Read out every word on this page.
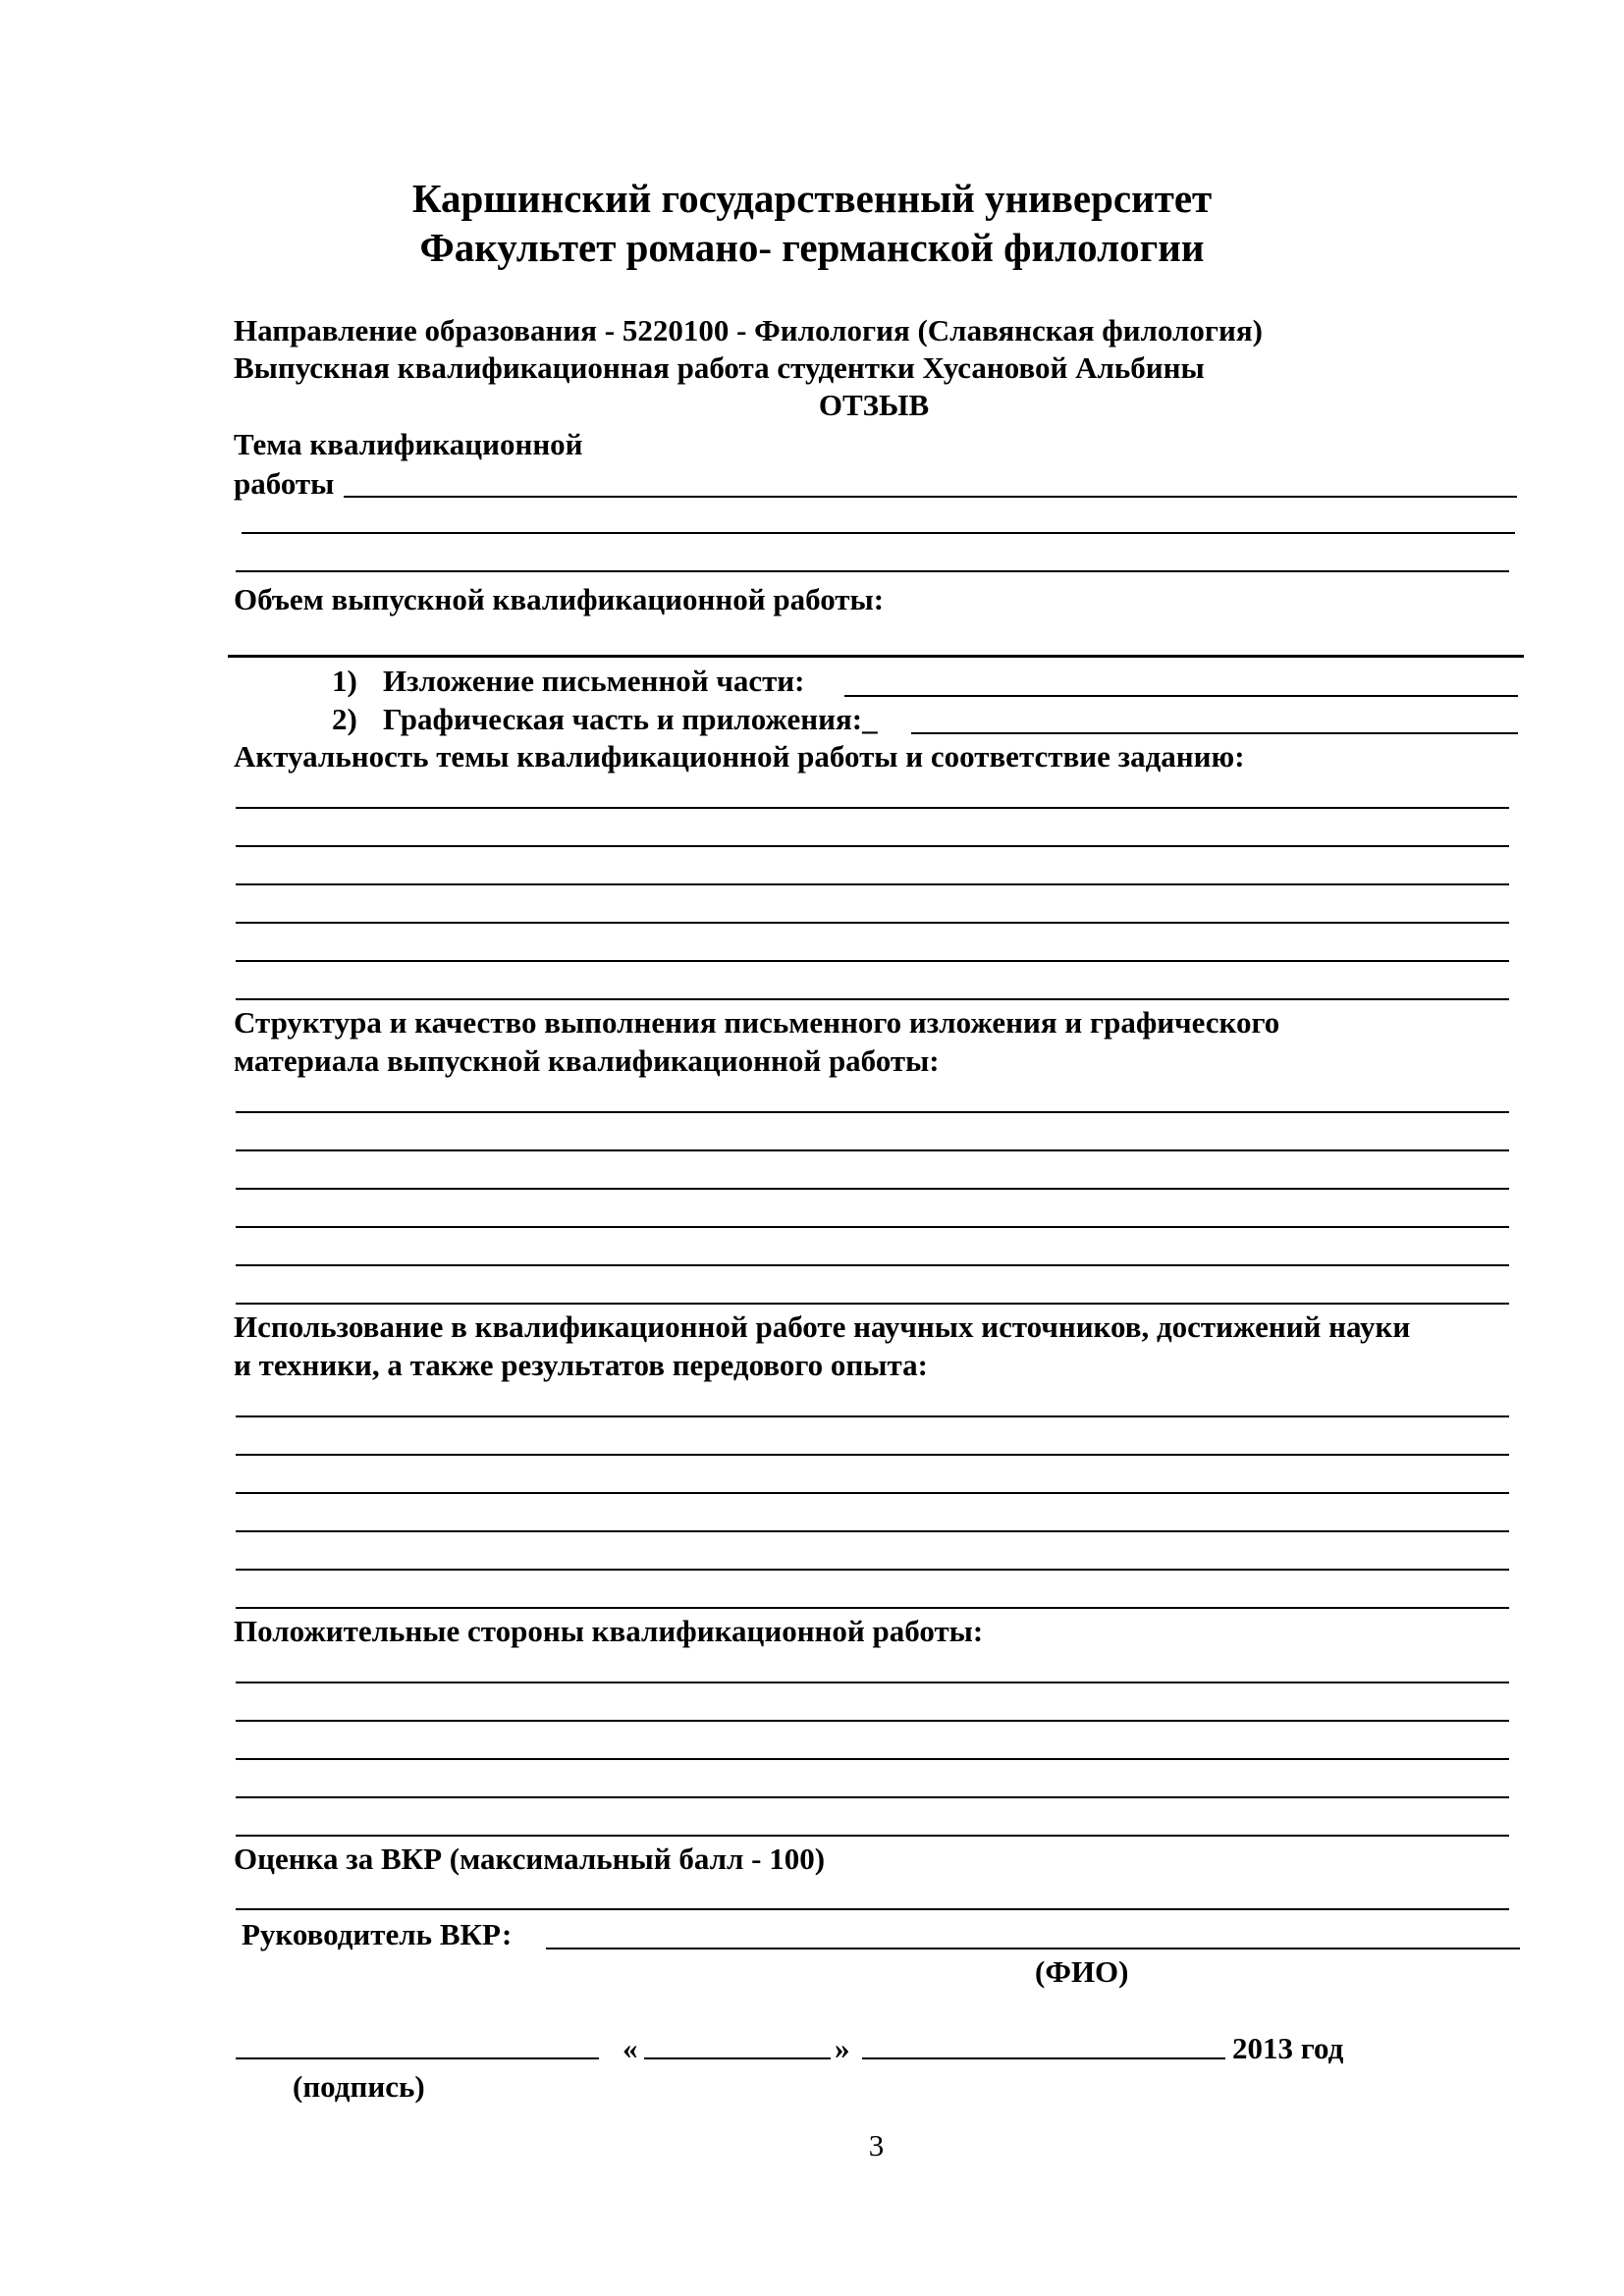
Каршинский государственный университет
Факультет романо- германской филологии
Направление образования - 5220100 - Филология (Славянская филология)
Выпускная квалификационная работа студентки Хусановой Альбины
ОТЗЫВ
Тема квалификационной
работы
Объем выпускной квалификационной работы:
1) Изложение письменной части:
2) Графическая часть и приложения:_
Актуальность темы квалификационной работы и соответствие заданию:
Структура и качество выполнения письменного изложения и графического
материала выпускной квалификационной работы:
Использование в квалификационной работе научных источников, достижений науки
и техники, а также результатов передового опыта:
Положительные стороны квалификационной работы:
Оценка за ВКР (максимальный балл - 100)
Руководитель ВКР:
(ФИО)
«	»	2013 год
(подпись)
3
